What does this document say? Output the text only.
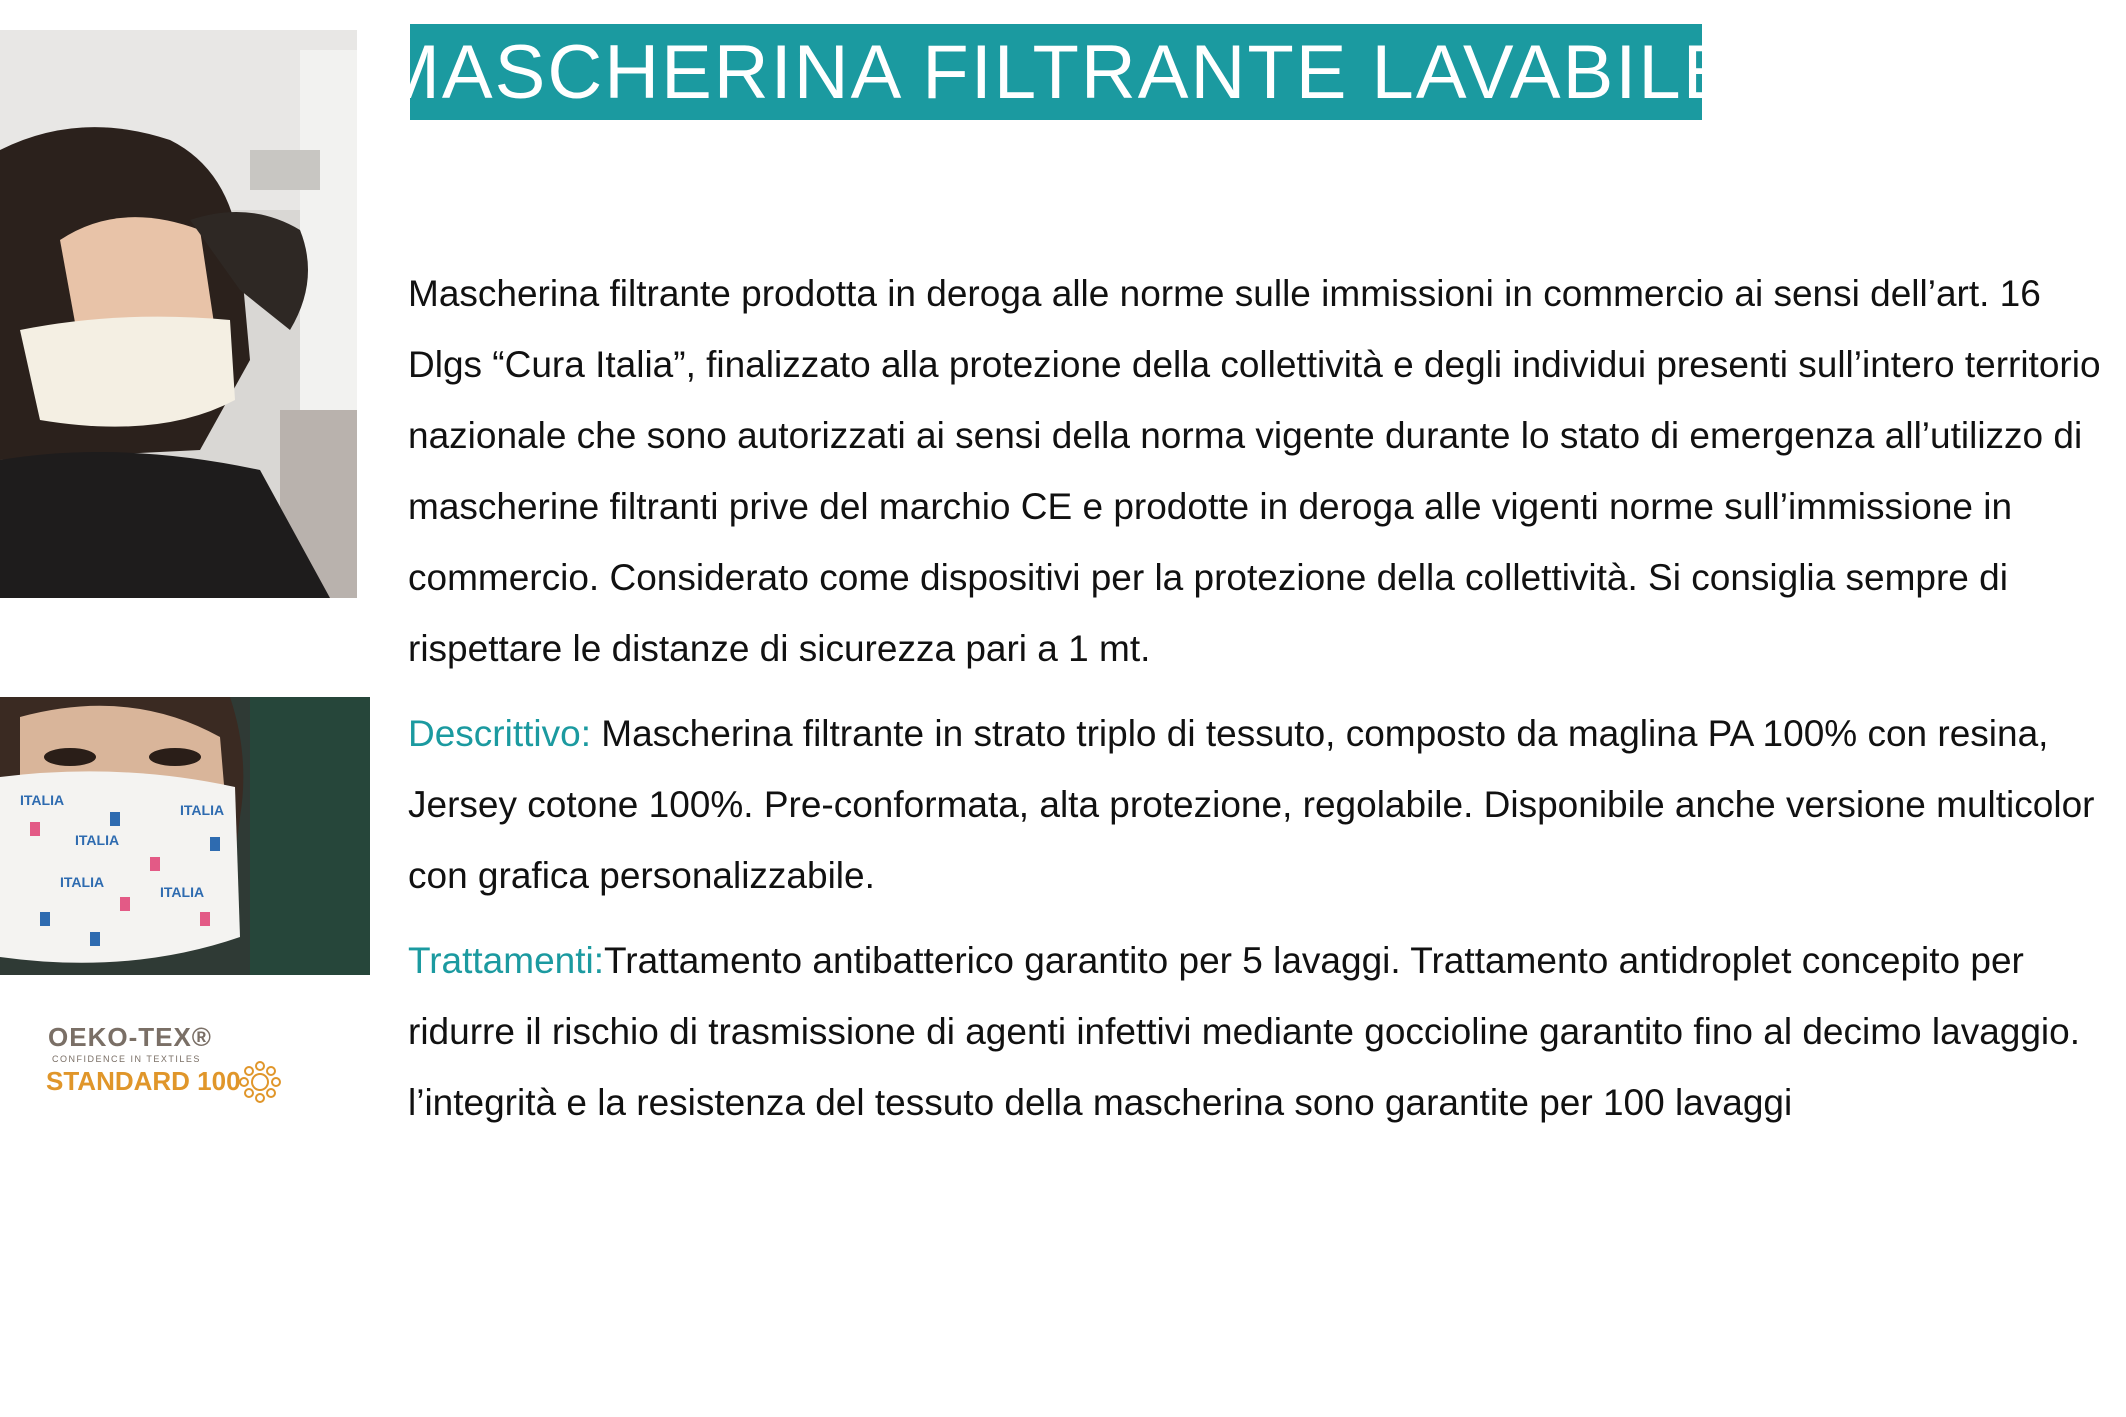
MASCHERINA FILTRANTE LAVABILE
ITALIA
ITALIA
ITALIA
ITALIA
ITALIA
OEKO-TEX®
CONFIDENCE IN TEXTILES
STANDARD 100

Mascherina filtrante prodotta in deroga alle norme sulle immissioni in commercio ai sensi dell’art. 16 Dlgs “Cura Italia”, finalizzato alla protezione della collettività e degli individui presenti sull’intero territorio nazionale che sono autorizzati ai sensi della norma vigente durante lo stato di emergenza all’utilizzo di mascherine filtranti prive del marchio CE e prodotte in deroga alle vigenti norme sull’immissione in commercio. Considerato come dispositivi per la protezione della collettività. Si consiglia sempre di rispettare le distanze di sicurezza pari a 1 mt.

Descrittivo: Mascherina filtrante in strato triplo di tessuto, composto da maglina PA 100% con resina, Jersey cotone 100%. Pre-conformata, alta protezione, regolabile. Disponibile anche versione multicolor con grafica personalizzabile.

Trattamenti:Trattamento antibatterico garantito per 5 lavaggi. Trattamento antidroplet concepito per ridurre il rischio di trasmissione di agenti infettivi mediante goccioline garantito fino al decimo lavaggio. l’integrità e la resistenza del tessuto della mascherina sono garantite per 100 lavaggi
